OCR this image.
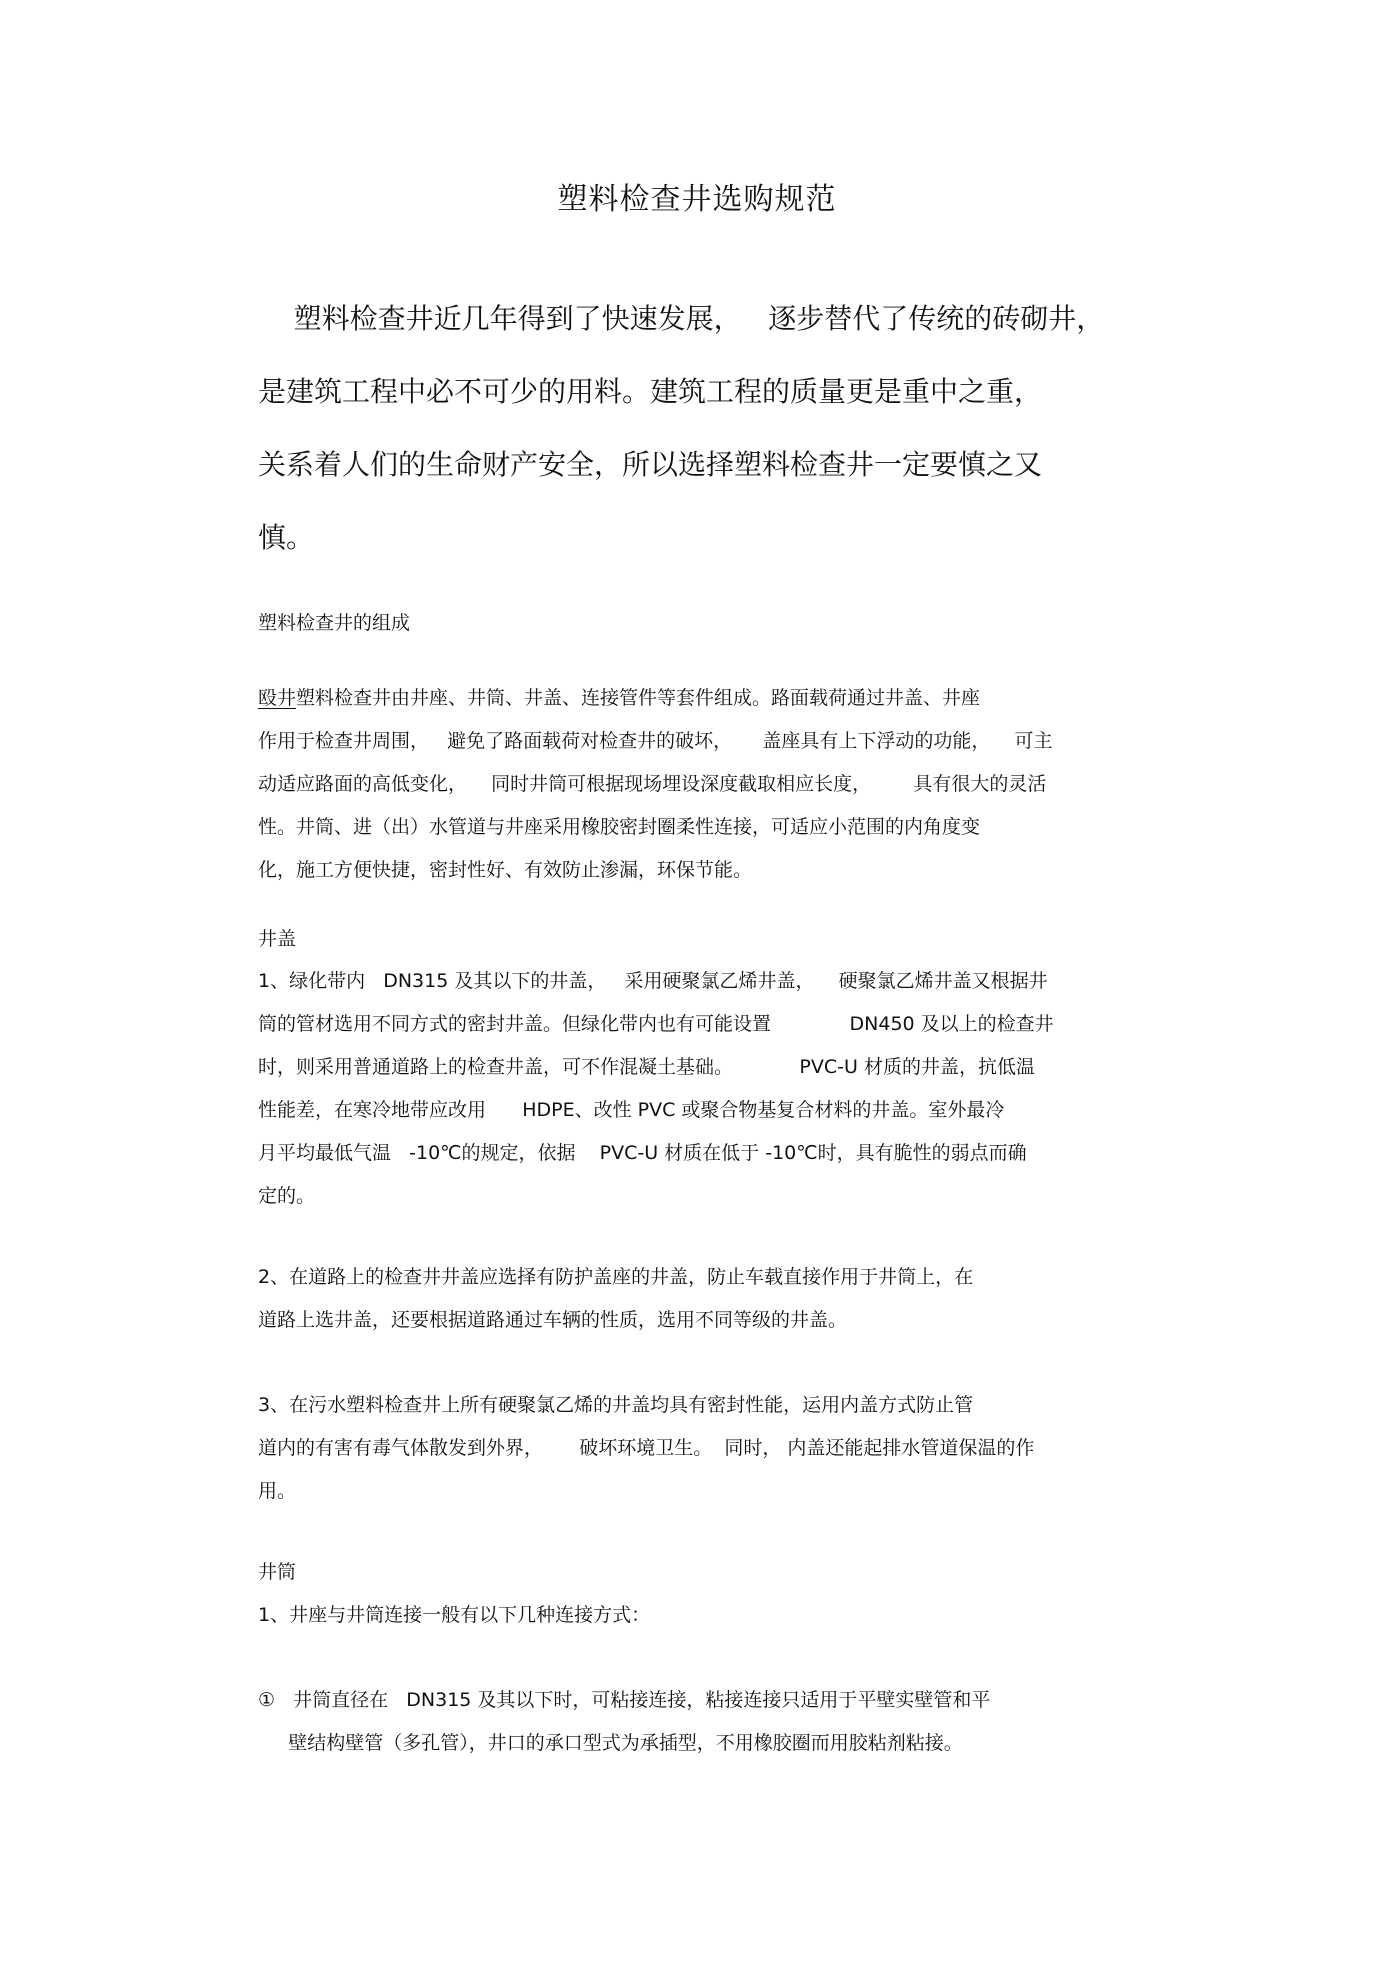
塑料检查井选购规范
塑料检查井近几年得到了快速发展，   逐步替代了传统的砖砌井，
是建筑工程中必不可少的用料。建筑工程的质量更是重中之重，
关系着人们的生命财产安全，所以选择塑料检查井一定要慎之又
慎。
塑料检查井的组成
殴井塑料检查井由井座、井筒、井盖、连接管件等套件组成。路面载荷通过井盖、井座
作用于检查井周围，   避免了路面载荷对检查井的破坏，     盖座具有上下浮动的功能，    可主
动适应路面的高低变化，    同时井筒可根据现场埋设深度截取相应长度，       具有很大的灵活
性。井筒、进（出）水管道与井座采用橡胶密封圈柔性连接，可适应小范围的内角度变
化，施工方便快捷，密封性好、有效防止渗漏，环保节能。
井盖
1、绿化带内   DN315 及其以下的井盖，   采用硬聚氯乙烯井盖，    硬聚氯乙烯井盖又根据井
筒的管材选用不同方式的密封井盖。但绿化带内也有可能设置             DN450 及以上的检查井
时，则采用普通道路上的检查井盖，可不作混凝土基础。           PVC-U 材质的井盖，抗低温
性能差，在寒冷地带应改用      HDPE、改性 PVC 或聚合物基复合材料的井盖。室外最冷
月平均最低气温   -10℃的规定，依据    PVC-U 材质在低于 -10℃时，具有脆性的弱点而确
定的。
2、在道路上的检查井井盖应选择有防护盖座的井盖，防止车载直接作用于井筒上，在
道路上选井盖，还要根据道路通过车辆的性质，选用不同等级的井盖。
3、在污水塑料检查井上所有硬聚氯乙烯的井盖均具有密封性能，运用内盖方式防止管
道内的有害有毒气体散发到外界，      破坏环境卫生。  同时， 内盖还能起排水管道保温的作
用。
井筒
1、井座与井筒连接一般有以下几种连接方式：
①   井筒直径在   DN315 及其以下时，可粘接连接，粘接连接只适用于平壁实壁管和平
壁结构壁管（多孔管），井口的承口型式为承插型，不用橡胶圈而用胶粘剂粘接。
